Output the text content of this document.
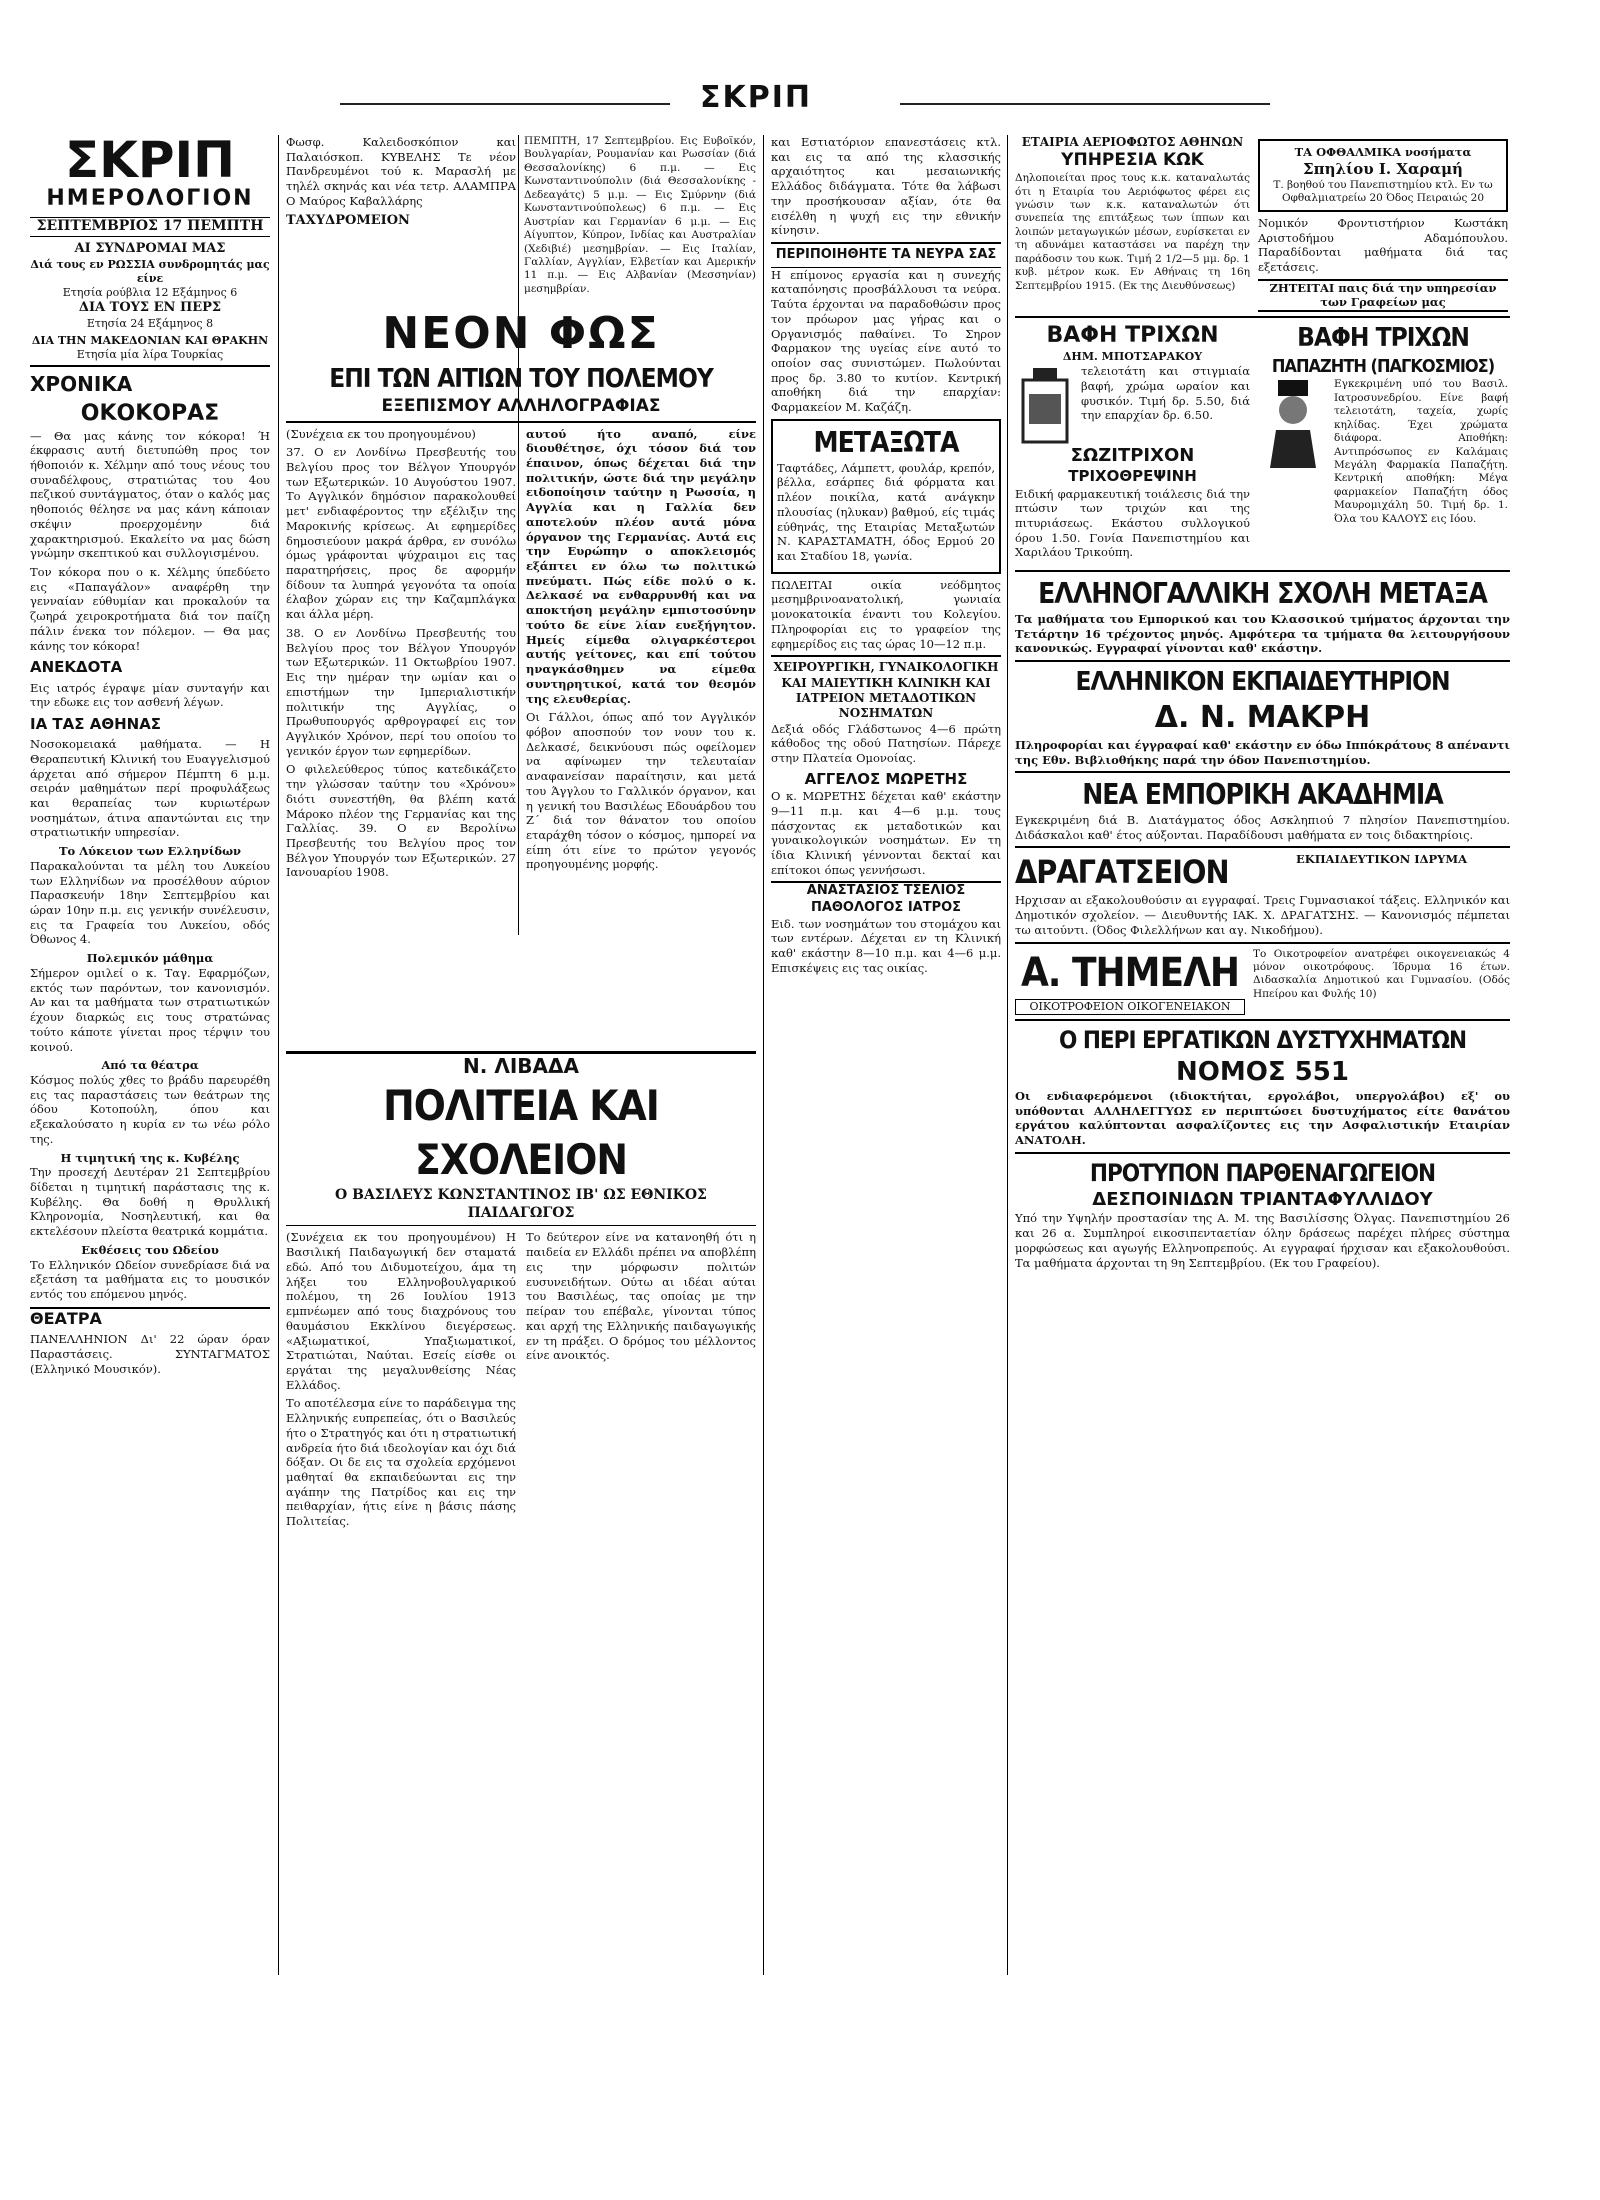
ΣΚΡΙΠ
ΣΚΡΙΠ
ΗΜΕΡΟΛΟΓΙΟΝ
ΣΕΠΤΕΜΒΡΙΟΣ 17 ΠΕΜΠΤΗ
ΑΙ ΣΥΝΔΡΟΜΑΙ ΜΑΣ
Διά τους εν ΡΩΣΣΙΑ συνδρομητάς μας είνε
Ετησία ρούβλια 12 Εξάμηνος 6
ΔΙΑ ΤΟΥΣ ΕΝ ΠΕΡΣ
Ετησία 24 Εξάμηνος 8
ΔΙΑ ΤΗΝ ΜΑΚΕΔΟΝΙΑΝ ΚΑΙ ΘΡΑΚΗΝ
Ετησία μία λίρα Τουρκίας
ΧΡΟΝΙΚΑ
ΟΚΟΚΟΡΑΣ

— Θα μας κάνης τον κόκορα! Ή έκφρασις αυτή διετυπώθη προς τον ήθοποιόν κ. Χέλμην από τους νέους του συναδέλφους, στρατιώτας του 4ου πεζικού συντάγματος, όταν ο καλός μας ηθοποιός θέλησε να μας κάνη κάποιαν σκέψιν προερχομένην διά χαρακτηρισμού. Εκαλείτο να μας δώση γνώμην σκεπτικού και συλλογισμένου.

Τον κόκορα που ο κ. Χέλμης ύπεδύετο εις «Παπαγάλον» αναφέρθη την γενναίαν εύθυμίαν και προκαλούν τα ζωηρά χειροκροτήματα διά τον παίζη πάλιν ένεκα τον πόλεμον. — Θα μας κάνης τον κόκορα!

ΑΝΕΚΔΟΤΑ

Εις ιατρός έγραψε μίαν συνταγήν και την εδωκε εις τον ασθενή λέγων.

ΙΑ ΤΑΣ ΑΘΗΝΑΣ

Νοσοκομειακά μαθήματα. — Η Θεραπευτική Κλινική του Ευαγγελισμού άρχεται από σήμερον Πέμπτη 6 μ.μ. σειράν μαθημάτων περί προφυλάξεως και θεραπείας των κυριωτέρων νοσημάτων, άτινα απαντώνται εις την στρατιωτικήν υπηρεσίαν.

Το Λύκειον των Ελληνίδων

Παρακαλούνται τα μέλη του Λυκείου των Ελληνίδων να προσέλθουν αύριον Παρασκευήν 18ην Σεπτεμβρίου και ώραν 10ην π.μ. εις γενικήν συνέλευσιν, εις τα Γραφεία του Λυκείου, οδός Όθωνος 4.

Πολεμικόν μάθημα

Σήμερον ομιλεί ο κ. Ταγ. Εφαρμόζων, εκτός των παρόντων, τον κανονισμόν. Αν και τα μαθήματα των στρατιωτικών έχουν διαρκώς εις τους στρατώνας τούτο κάποτε γίνεται προς τέρψιν του κοινού.

Από τα θέατρα

Κόσμος πολύς χθες το βράδυ παρευρέθη εις τας παραστάσεις των θεάτρων της όδου Κοτοπούλη, όπου και εξεκαλούσατο η κυρία εν τω νέω ρόλο της.

Η τιμητική της κ. Κυβέλης

Την προσεχή Δευτέραν 21 Σεπτεμβρίου δίδεται η τιμητική παράστασις της κ. Κυβέλης. Θα δοθή η Θρυλλική Κληρονομία, Νοσηλευτική, και θα εκτελέσουν πλείστα θεατρικά κομμάτια.

Εκθέσεις του Ωδείου

Το Ελληνικόν Ωδείον συνεδρίασε διά να εξετάση τα μαθήματα εις το μουσικόν εντός του επόμενου μηνός.

ΘΕΑΤΡΑ

ΠΑΝΕΛΛΗΝΙΟΝ Δι' 22 ώραν όραν Παραστάσεις. ΣΥΝΤΑΓΜΑΤΟΣ (Ελληνικό Μουσικόν).

Φωσφ. Καλειδοσκόπιον και Παλαιόσκοπ. ΚΥΒΕΛΗΣ Τε νέον Πανδρευμένοι τού κ. Μαρασλή με τηλέλ σκηνάς και νέα τετρ. ΑΛΑΜΠΡΑ Ο Μαύρος Καβαλλάρης

ΤΑΧΥΔΡΟΜΕΙΟΝ

ΠΕΜΠΤΗ, 17 Σεπτεμβρίου. Εις Ευβοϊκόν, Βουλγαρίαν, Ρουμανίαν και Ρωσσίαν (διά Θεσσαλονίκης) 6 π.μ. — Εις Κωνσταντινούπολιν (διά Θεσσαλονίκης - Δεδεαγάτς) 5 μ.μ. — Εις Σμύρνην (διά Κωνσταντινούπολεως) 6 π.μ. — Εις Αυστρίαν και Γερμανίαν 6 μ.μ. — Εις Αίγυπτον, Κύπρον, Ινδίας και Αυστραλίαν (Χεδιβιέ) μεσημβρίαν. — Εις Ιταλίαν, Γαλλίαν, Αγγλίαν, Ελβετίαν και Αμερικήν 11 π.μ. — Εις Αλβανίαν (Μεσσηνίαν) μεσημβρίαν.

ΝΕΟΝ ΦΩΣ
ΕΠΙ ΤΩΝ ΑΙΤΙΩΝ ΤΟΥ ΠΟΛΕΜΟΥ
ΕΞΕΠΙΣΜΟΥ ΑΛΛΗΛΟΓΡΑΦΙΑΣ

(Συνέχεια εκ του προηγουμένου)

37. Ο εν Λονδίνω Πρεσβευτής του Βελγίου προς τον Βέλγον Υπουργόν των Εξωτερικών. 10 Αυγούστου 1907. Το Αγγλικόν δημόσιον παρακολουθεί μετ' ενδιαφέροντος την εξέλιξιν της Μαροκινής κρίσεως. Αι εφημερίδες δημοσιεύουν μακρά άρθρα, εν συνόλω όμως γράφονται ψύχραιμοι εις τας παρατηρήσεις, προς δε αφορμήν δίδουν τα λυπηρά γεγονότα τα οποία έλαβον χώραν εις την Καζαμπλάγκα και άλλα μέρη.

38. Ο εν Λονδίνω Πρεσβευτής του Βελγίου προς τον Βέλγον Υπουργόν των Εξωτερικών. 11 Οκτωβρίου 1907. Εις την ημέραν την ωμίαν και ο επιστήμων την Ιμπεριαλιστικήν πολιτικήν της Αγγλίας, ο Πρωθυπουργός αρθρογραφεί εις τον Αγγλικόν Χρόνον, περί του οποίου το γενικόν έργον των εφημερίδων.

Ο φιλελεύθερος τύπος κατεδικάζετο την γλώσσαν ταύτην του «Χρόνου» διότι συνεστήθη, θα βλέπη κατά Μάροκο πλέον της Γερμανίας και της Γαλλίας. 39. Ο εν Βερολίνω Πρεσβευτής του Βελγίου προς τον Βέλγον Υπουργόν των Εξωτερικών. 27 Ιανουαρίου 1908.

αυτού ήτο αναπό, είνε διουθέτησε, όχι τόσον διά τον έπαινον, όπως δέχεται διά την πολιτικήν, ώστε διά την μεγάλην ειδοποίησιν ταύτην η Ρωσσία, η Αγγλία και η Γαλλία δεν αποτελούν πλέον αυτά μόνα όργανον της Γερμανίας. Αυτά εις την Ευρώπην ο αποκλεισμός εξάπτει εν όλω τω πολιτικώ πνεύματι. Πώς είδε πολύ ο κ. Δελκασέ να ενθαρρυνθή και να αποκτήση μεγάλην εμπιστοσύνην τούτο δε είνε λίαν ευεξήγητον. Ημείς είμεθα ολιγαρκέστεροι αυτής γείτονες, και επί τούτου ηναγκάσθημεν να είμεθα συντηρητικοί, κατά τον θεσμόν της ελευθερίας.

Οι Γάλλοι, όπως από τον Αγγλικόν φόβον αποσπούν τον νουν του κ. Δελκασέ, δεικνύουσι πώς οφείλομεν να αφίνωμεν την τελευταίαν αναφανείσαν παραίτησιν, και μετά του Άγγλου το Γαλλικόν όργανον, και η γενική του Βασιλέως Εδουάρδου του Ζ΄ διά τον θάνατον του οποίου εταράχθη τόσον ο κόσμος, ημπορεί να είπη ότι είνε το πρώτον γεγονός προηγουμένης μορφής.

Ν. ΛΙΒΑΔΑ
ΠΟΛΙΤΕΙΑ ΚΑΙ ΣΧΟΛΕΙΟΝ
Ο ΒΑΣΙΛΕΥΣ ΚΩΝΣΤΑΝΤΙΝΟΣ ΙΒ' ΩΣ ΕΘΝΙΚΟΣ ΠΑΙΔΑΓΩΓΟΣ

(Συνέχεια εκ του προηγουμένου) Η Βασιλική Παιδαγωγική δεν σταματά εδώ. Από του Διδυμοτείχου, άμα τη λήξει του Ελληνοβουλγαρικού πολέμου, τη 26 Ιουλίου 1913 εμπνέωμεν από τους διαχρόνους του θαυμάσιου Εκκλίνου διεγέρσεως. «Αξιωματικοί, Υπαξιωματικοί, Στρατιώται, Ναύται. Εσείς είσθε οι εργάται της μεγαλυνθείσης Νέας Ελλάδος.

Το αποτέλεσμα είνε το παράδειγμα της Ελληνικής ευπρεπείας, ότι ο Βασιλεύς ήτο ο Στρατηγός και ότι η στρατιωτική ανδρεία ήτο διά ιδεολογίαν και όχι διά δόξαν. Οι δε εις τα σχολεία ερχόμενοι μαθηταί θα εκπαιδεύωνται εις την αγάπην της Πατρίδος και εις την πειθαρχίαν, ήτις είνε η βάσις πάσης Πολιτείας.

Το δεύτερον είνε να κατανοηθή ότι η παιδεία εν Ελλάδι πρέπει να αποβλέπη εις την μόρφωσιν πολιτών ευσυνειδήτων. Ούτω αι ιδέαι αύται του Βασιλέως, τας οποίας με την πείραν του επέβαλε, γίνονται τύπος και αρχή της Ελληνικής παιδαγωγικής εν τη πράξει. Ο δρόμος του μέλλοντος είνε ανοικτός.

και Εστιατόριον επανεστάσεις κτλ. και εις τα από της κλασσικής αρχαιότητος και μεσαιωνικής Ελλάδος διδάγματα. Τότε θα λάβωσι την προσήκουσαν αξίαν, ότε θα εισέλθη η ψυχή εις την εθνικήν κίνησιν.

ΠΕΡΙΠΟΙΗΘΗΤΕ ΤΑ ΝΕΥΡΑ ΣΑΣ

Η επίμονος εργασία και η συνεχής καταπόνησις προσβάλλουσι τα νεύρα. Ταύτα έρχονται να παραδοθώσιν προς τον πρόωρον μας γήρας και ο Οργανισμός παθαίνει. Το Σηρον Φαρμακον της υγείας είνε αυτό το οποίον σας συνιστώμεν. Πωλούνται προς δρ. 3.80 το κυτίον. Κεντρική αποθήκη διά την επαρχίαν: Φαρμακείον Μ. Καζάζη.

ΜΕΤΑΞΩΤΑ

Ταφτάδες, Λάμπεττ, φουλάρ, κρεπόν, βέλλα, εσάρπες διά φόρματα και πλέον ποικίλα, κατά ανάγκην πλουσίας (ηλυκαν) βαθμού, είς τιμάς εύθηνάς, της Εταιρίας Μεταξωτών Ν. ΚΑΡΑΣΤΑΜΑΤΗ, όδος Ερμού 20 και Σταδίου 18, γωνία.

ΠΩΛΕΙΤΑΙ οικία νεόδμητος μεσημβρινοανατολική, γωνιαία μονοκατοικία έναντι του Κολεγίου. Πληροφορίαι εις το γραφείον της εφημερίδος εις τας ώρας 10—12 π.μ.

ΧΕΙΡΟΥΡΓΙΚΗ, ΓΥΝΑΙΚΟΛΟΓΙΚΗ ΚΑΙ ΜΑΙΕΥΤΙΚΗ ΚΛΙΝΙΚΗ ΚΑΙ ΙΑΤΡΕΙΟΝ ΜΕΤΑΔΟΤΙΚΩΝ ΝΟΣΗΜΑΤΩΝ

Δεξιά οδός Γλάδστωνος 4—6 πρώτη κάθοδος της οδού Πατησίων. Πάρεχε στην Πλατεία Ομονοίας.

ΑΓΓΕΛΟΣ ΜΩΡΕΤΗΣ

Ο κ. ΜΩΡΕΤΗΣ δέχεται καθ' εκάστην 9—11 π.μ. και 4—6 μ.μ. τους πάσχοντας εκ μεταδοτικών και γυναικολογικών νοσημάτων. Εν τη ίδια Κλινική γέννονται δεκταί και επίτοκοι όπως γεννήσωσι.

ΑΝΑΣΤΑΣΙΟΣ ΤΣΕΛΙΟΣ
ΠΑΘΟΛΟΓΟΣ ΙΑΤΡΟΣ

Ειδ. των νοσημάτων του στομάχου και των εντέρων. Δέχεται εν τη Κλινική καθ' εκάστην 8—10 π.μ. και 4—6 μ.μ. Επισκέψεις εις τας οικίας.

ΕΤΑΙΡΙΑ ΑΕΡΙΟΦΩΤΟΣ ΑΘΗΝΩΝ
ΥΠΗΡΕΣΙΑ ΚΩΚ

Δηλοποιείται προς τους κ.κ. καταναλωτάς ότι η Εταιρία του Αεριόφωτος φέρει εις γνώσιν των κ.κ. καταναλωτών ότι συνεπεία της επιτάξεως των ίππων και λοιπών μεταγωγικών μέσων, ευρίσκεται εν τη αδυνάμει καταστάσει να παρέχη την παράδοσιν του κωκ. Τιμή 2 1/2—5 μμ. δρ. 1 κυβ. μέτρον κωκ. Εν Αθήναις τη 16η Σεπτεμβρίου 1915. (Εκ της Διευθύνσεως)

ΤΑ ΟΦΘΑΛΜΙΚΑ νοσήματα
Σπηλίου Ι. Χαραμή
Τ. βοηθού του Πανεπιστημίου κτλ. Εν τω Οφθαλμιατρείω 20 Όδος Πειραιώς 20

Νομικόν Φροντιστήριον Κωστάκη Αριστοδήμου Αδαμόπουλου. Παραδίδονται μαθήματα διά τας εξετάσεις.

ΖΗΤΕΙΤΑΙ παις διά την υπηρεσίαν των Γραφείων μας
ΒΑΦΗ ΤΡΙΧΩΝ
ΔΗΜ. ΜΠΟΤΣΑΡΑΚΟΥ

τελειοτάτη και στιγμιαία βαφή, χρώμα ωραίον και φυσικόν. Τιμή δρ. 5.50, διά την επαρχίαν δρ. 6.50.

ΣΩΖΙΤΡΙΧΟΝ
ΤΡΙΧΟΘΡΕΨΙΝΗ

Ειδική φαρμακευτική τοιάλεσις διά την πτώσιν των τριχών και της πιτυριάσεως. Εκάστου συλλογικού όρου 1.50. Γονία Πανεπιστημίου και Χαριλάου Τρικούπη.

ΒΑΦΗ ΤΡΙΧΩΝ
ΠΑΠΑΖΗΤΗ (ΠΑΓΚΟΣΜΙΟΣ)

Εγκεκριμένη υπό του Βασιλ. Ιατροσυνεδρίου. Είνε βαφή τελειοτάτη, ταχεία, χωρίς κηλίδας. Έχει χρώματα διάφορα. Αποθήκη: Αντιπρόσωπος εν Καλάμαις Μεγάλη Φαρμακία Παπαζήτη. Κεντρική αποθήκη: Μέγα φαρμακείον Παπαζήτη όδος Μαυρομιχάλη 50. Τιμή δρ. 1. Όλα του ΚΑΛΟΥΣ εις Ιόου.

ΕΛΛΗΝΟΓΑΛΛΙΚΗ ΣΧΟΛΗ ΜΕΤΑΞΑ

Τα μαθήματα του Εμπορικού και του Κλασσικού τμήματος άρχονται την Τετάρτην 16 τρέχοντος μηνός. Αμφότερα τα τμήματα θα λειτουργήσουν κανονικώς. Εγγραφαί γίνονται καθ' εκάστην.

ΕΛΛΗΝΙΚΟΝ ΕΚΠΑΙΔΕΥΤΗΡΙΟΝ
Δ. Ν. ΜΑΚΡΗ

Πληροφορίαι και έγγραφαί καθ' εκάστην εν όδω Ιππόκράτους 8 απέναντι της Εθν. Βιβλιοθήκης παρά την όδον Πανεπιστημίου.

ΝΕΑ ΕΜΠΟΡΙΚΗ ΑΚΑΔΗΜΙΑ

Εγκεκριμένη διά Β. Διατάγματος όδος Ασκληπιού 7 πλησίον Πανεπιστημίου. Διδάσκαλοι καθ' έτος αύξονται. Παραδίδουσι μαθήματα εν τοις διδακτηρίοις.

ΔΡΑΓΑΤΣΕΙΟΝ	ΕΚΠΑΙΔΕΥΤΙΚΟΝ ΙΔΡΥΜΑ

Ηρχισαν αι εξακολουθούσιν αι εγγραφαί. Τρεις Γυμνασιακοί τάξεις. Ελληνικόν και Δημοτικόν σχολείον. — Διευθυντής ΙΑΚ. Χ. ΔΡΑΓΑΤΣΗΣ. — Κανονισμός πέμπεται τω αιτούντι. (Όδος Φιλελλήνων και αγ. Νικοδήμου).

Α. ΤΗΜΕΛΗ
ΟΙΚΟΤΡΟΦΕΙΟΝ ΟΙΚΟΓΕΝΕΙΑΚΟΝ

Το Οικοτροφείον ανατρέφει οικογενειακώς 4 μόνον οικοτρόφους. Ίδρυμα 16 έτων. Διδασκαλία Δημοτικού και Γυμνασίου. (Οδός Ηπείρου και Φυλής 10)

Ο ΠΕΡΙ ΕΡΓΑΤΙΚΩΝ ΔΥΣΤΥΧΗΜΑΤΩΝ
ΝΟΜΟΣ 551

Οι ενδιαφερόμενοι (ιδιοκτήται, εργολάβοι, υπεργολάβοι) εξ' ου υπόθονται ΑΛΛΗΛΕΓΓΥΩΣ εν περιπτώσει δυστυχήματος είτε θανάτου εργάτου καλύπτονται ασφαλίζοντες εις την Ασφαλιστικήν Εταιρίαν ΑΝΑΤΟΛΗ.

ΠΡΟΤΥΠΟΝ ΠΑΡΘΕΝΑΓΩΓΕΙΟΝ
ΔΕΣΠΟΙΝΙΔΩΝ ΤΡΙΑΝΤΑΦΥΛΛΙΔΟΥ

Υπό την Υψηλήν προστασίαν της Α. Μ. της Βασιλίσσης Όλγας. Πανεπιστημίου 26 και 26 α. Συμπληροί εικοσιπενταετίαν όλην δράσεως παρέχει πλήρες σύστημα μορφώσεως και αγωγής Ελληνοπρεπούς. Αι εγγραφαί ήρχισαν και εξακολουθούσι. Τα μαθήματα άρχονται τη 9η Σεπτεμβρίου. (Εκ του Γραφείου).
